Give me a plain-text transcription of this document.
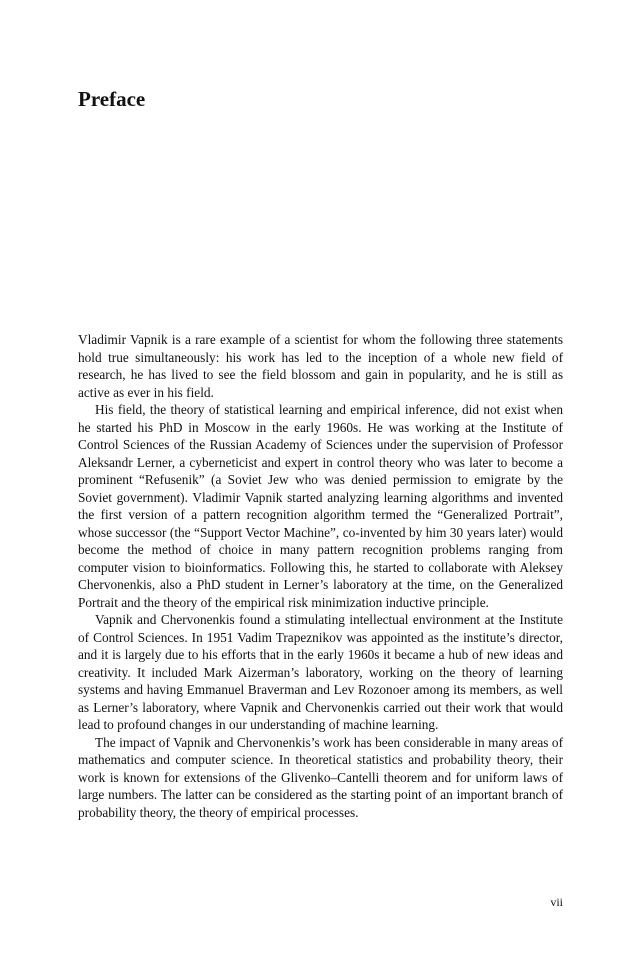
Preface

Vladimir Vapnik is a rare example of a scientist for whom the following three statements hold true simultaneously: his work has led to the inception of a whole new field of research, he has lived to see the field blossom and gain in popularity, and he is still as active as ever in his field.

His field, the theory of statistical learning and empirical inference, did not exist when he started his PhD in Moscow in the early 1960s. He was working at the Institute of Control Sciences of the Russian Academy of Sciences under the supervision of Professor Aleksandr Lerner, a cyberneticist and expert in control theory who was later to become a prominent “Refusenik” (a Soviet Jew who was denied permission to emigrate by the Soviet government). Vladimir Vapnik started analyzing learning algorithms and invented the first version of a pattern recognition algorithm termed the “Generalized Portrait”, whose successor (the “Support Vector Machine”, co-invented by him 30 years later) would become the method of choice in many pattern recognition problems ranging from computer vision to bioinformatics. Following this, he started to collaborate with Aleksey Chervonenkis, also a PhD student in Lerner’s laboratory at the time, on the Generalized Portrait and the theory of the empirical risk minimization inductive principle.

Vapnik and Chervonenkis found a stimulating intellectual environment at the Institute of Control Sciences. In 1951 Vadim Trapeznikov was appointed as the institute’s director, and it is largely due to his efforts that in the early 1960s it became a hub of new ideas and creativity. It included Mark Aizerman’s laboratory, working on the theory of learning systems and having Emmanuel Braverman and Lev Rozonoer among its members, as well as Lerner’s laboratory, where Vapnik and Chervonenkis carried out their work that would lead to profound changes in our understanding of machine learning.

The impact of Vapnik and Chervonenkis’s work has been considerable in many areas of mathematics and computer science. In theoretical statistics and probability theory, their work is known for extensions of the Glivenko–Cantelli theorem and for uniform laws of large numbers. The latter can be considered as the starting point of an important branch of probability theory, the theory of empirical processes.

vii
